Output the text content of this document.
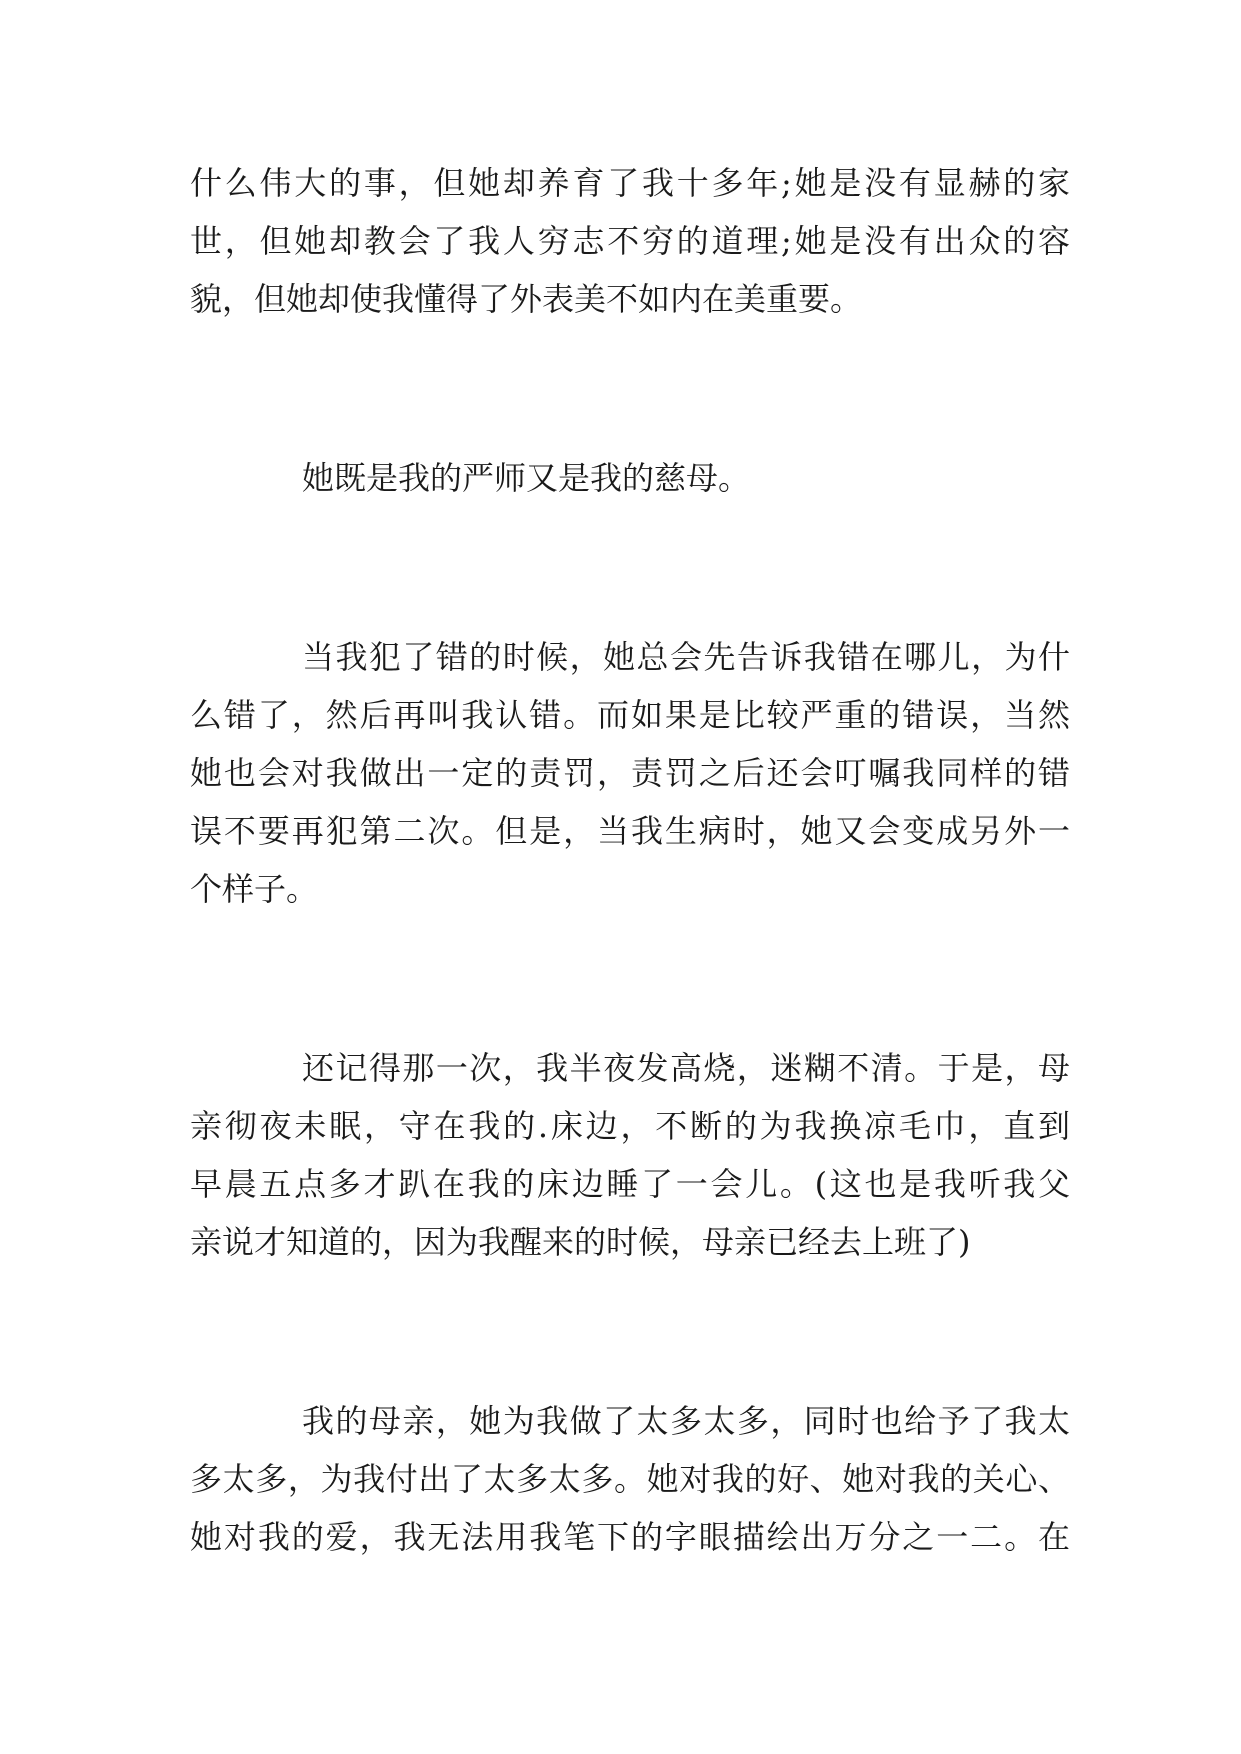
什么伟大的事，但她却养育了我十多年;她是没有显赫的家
世，但她却教会了我人穷志不穷的道理;她是没有出众的容
貌，但她却使我懂得了外表美不如内在美重要。
她既是我的严师又是我的慈母。
当我犯了错的时候，她总会先告诉我错在哪儿，为什
么错了，然后再叫我认错。而如果是比较严重的错误，当然
她也会对我做出一定的责罚，责罚之后还会叮嘱我同样的错
误不要再犯第二次。但是，当我生病时，她又会变成另外一
个样子。
还记得那一次，我半夜发高烧，迷糊不清。于是，母
亲彻夜未眠，守在我的.床边，不断的为我换凉毛巾，直到
早晨五点多才趴在我的床边睡了一会儿。(这也是我听我父
亲说才知道的，因为我醒来的时候，母亲已经去上班了)
我的母亲，她为我做了太多太多，同时也给予了我太
多太多，为我付出了太多太多。她对我的好、她对我的关心、
她对我的爱，我无法用我笔下的字眼描绘出万分之一二。在
